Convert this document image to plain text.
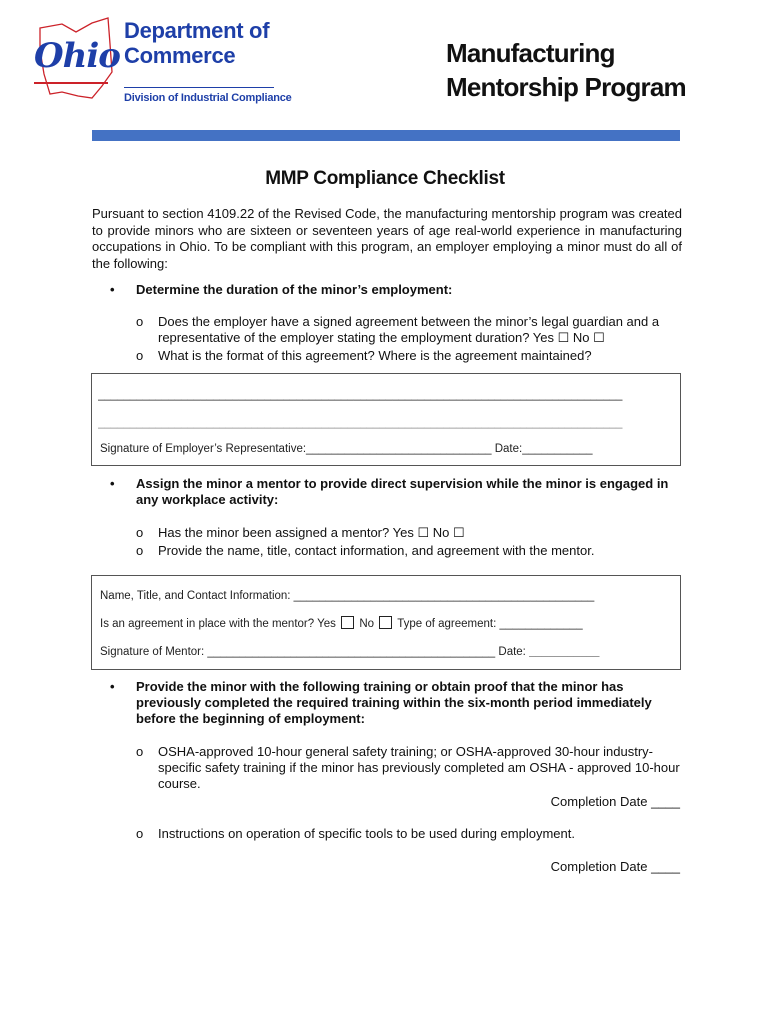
Ohio
Department of
Commerce
Division of Industrial Compliance
Manufacturing
Mentorship Program
MMP Compliance Checklist
Pursuant to section 4109.22 of the Revised Code, the manufacturing mentorship program was created to provide minors who are sixteen or seventeen years of age real-world experience in manufacturing occupations in Ohio. To be compliant with this program, an employer employing a minor must do all of the following:
• Determine the duration of the minor’s employment:
o Does the employer have a signed agreement between the minor’s legal guardian and a representative of the employer stating the employment duration? Yes ☐ No ☐
o What is the format of this agreement? Where is the agreement maintained?
__________________________________________________________________________________
__________________________________________________________________________________
Signature of Employer’s Representative:_____________________________ Date:___________
• Assign the minor a mentor to provide direct supervision while the minor is engaged in any workplace activity:
o Has the minor been assigned a mentor? Yes ☐ No ☐
o Provide the name, title, contact information, and agreement with the mentor.
Name, Title, and Contact Information: _______________________________________________
Is an agreement in place with the mentor? Yes No Type of agreement: _____________
Signature of Mentor: _____________________________________________ Date: ___________
• Provide the minor with the following training or obtain proof that the minor has previously completed the required training within the six-month period immediately before the beginning of employment:
o OSHA-approved 10-hour general safety training; or OSHA-approved 30-hour industry-specific safety training if the minor has previously completed am OSHA - approved 10-hour course.
Completion Date ____
o Instructions on operation of specific tools to be used during employment.
Completion Date ____
